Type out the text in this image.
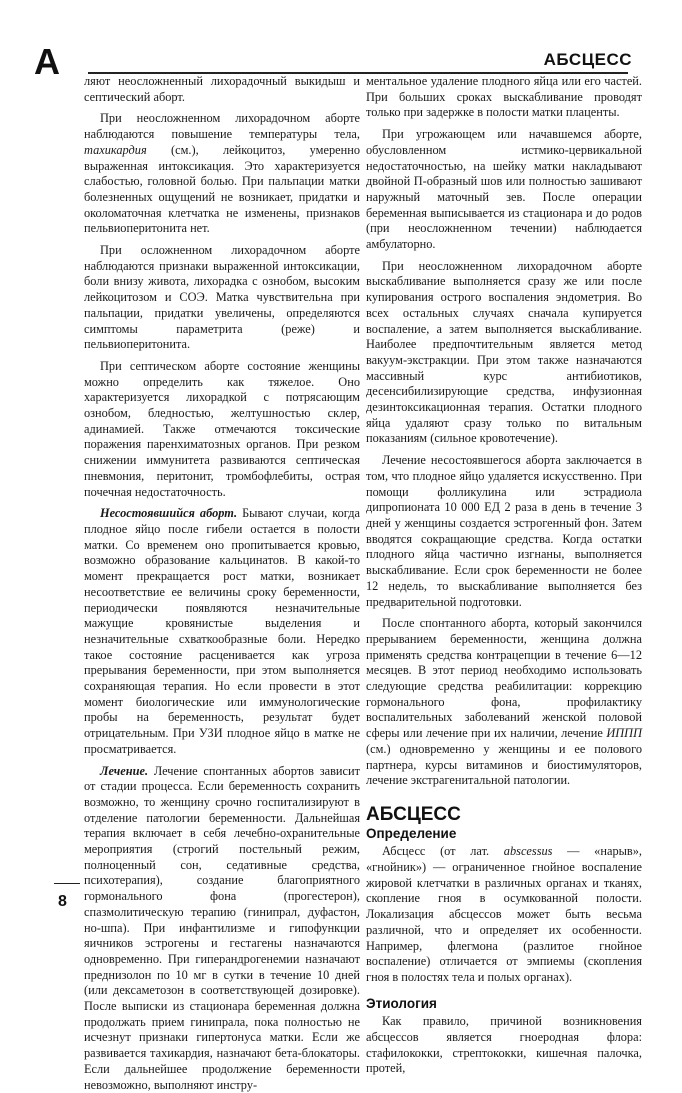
А	АБСЦЕСС

ляют неосложненный лихорадочный выкидыш и септический аборт.

При неосложненном лихорадочном аборте наблюдаются повышение температуры тела, тахикардия (см.), лейкоцитоз, умеренно выраженная интоксикация. Это характеризуется слабостью, головной болью. При пальпации матки болезненных ощущений не возникает, придатки и околоматочная клетчатка не изменены, признаков пельвиоперитонита нет.

При осложненном лихорадочном аборте наблюдаются признаки выраженной интоксикации, боли внизу живота, лихорадка с ознобом, высоким лейкоцитозом и СОЭ. Матка чувствительна при пальпации, придатки увеличены, определяются симптомы параметрита (реже) и пельвиоперитонита.

При септическом аборте состояние женщины можно определить как тяжелое. Оно характеризуется лихорадкой с потрясающим ознобом, бледностью, желтушностью склер, адинамией. Также отмечаются токсические поражения паренхиматозных органов. При резком снижении иммунитета развиваются септическая пневмония, перитонит, тромбофлебиты, острая почечная недостаточность.

Несостоявшийся аборт. Бывают случаи, когда плодное яйцо после гибели остается в полости матки. Со временем оно пропитывается кровью, возможно образование кальцинатов. В какой-то момент прекращается рост матки, возникает несоответствие ее величины сроку беременности, периодически появляются незначительные мажущие кровянистые выделения и незначительные схваткообразные боли. Нередко такое состояние расценивается как угроза прерывания беременности, при этом выполняется сохраняющая терапия. Но если провести в этот момент биологические или иммунологические пробы на беременность, результат будет отрицательным. При УЗИ плодное яйцо в матке не просматривается.

Лечение. Лечение спонтанных абортов зависит от стадии процесса. Если беременность сохранить возможно, то женщину срочно госпитализируют в отделение патологии беременности. Дальнейшая терапия включает в себя лечебно-охранительные мероприятия (строгий постельный режим, полноценный сон, седативные средства, психотерапия), создание благоприятного гормонального фона (прогестерон), спазмолитическую терапию (гинипрал, дуфастон, но-шпа). При инфантилизме и гипофункции яичников эстрогены и гестагены назначаются одновременно. При гиперандрогенемии назначают преднизолон по 10 мг в сутки в течение 10 дней (или дексаметозон в соответствующей дозировке). После выписки из стационара беременная должна продолжать прием гинипрала, пока полностью не исчезнут признаки гипертонуса матки. Если же развивается тахикардия, назначают бета-блокаторы. Если дальнейшее продолжение беременности невозможно, выполняют инстру-

ментальное удаление плодного яйца или его частей. При больших сроках выскабливание проводят только при задержке в полости матки плаценты.

При угрожающем или начавшемся аборте, обусловленном истмико-цервикальной недостаточностью, на шейку матки накладывают двойной П-образный шов или полностью зашивают наружный маточный зев. После операции беременная выписывается из стационара и до родов (при неосложненном течении) наблюдается амбулаторно.

При неосложненном лихорадочном аборте выскабливание выполняется сразу же или после купирования острого воспаления эндометрия. Во всех остальных случаях сначала купируется воспаление, а затем выполняется выскабливание. Наиболее предпочтительным является метод вакуум-экстракции. При этом также назначаются массивный курс антибиотиков, десенсибилизирующие средства, инфузионная дезинтоксикационная терапия. Остатки плодного яйца удаляют сразу только по витальным показаниям (сильное кровотечение).

Лечение несостоявшегося аборта заключается в том, что плодное яйцо удаляется искусственно. При помощи фолликулина или эстрадиола дипропионата 10 000 ЕД 2 раза в день в течение 3 дней у женщины создается эстрогенный фон. Затем вводятся сокращающие средства. Когда остатки плодного яйца частично изгнаны, выполняется выскабливание. Если срок беременности не более 12 недель, то выскабливание выполняется без предварительной подготовки.

После спонтанного аборта, который закончился прерыванием беременности, женщина должна применять средства контрацепции в течение 6—12 месяцев. В этот период необходимо использовать следующие средства реабилитации: коррекцию гормонального фона, профилактику воспалительных заболеваний женской половой сферы или лечение при их наличии, лечение ИППП (см.) одновременно у женщины и ее полового партнера, курсы витаминов и биостимуляторов, лечение экстрагенитальной патологии.

АБСЦЕСС
Определение

Абсцесс (от лат. abscessus — «нарыв», «гнойник») — ограниченное гнойное воспаление жировой клетчатки в различных органах и тканях, скопление гноя в осумкованной полости. Локализация абсцессов может быть весьма различной, что и определяет их особенности. Например, флегмона (разлитое гнойное воспаление) отличается от эмпиемы (скопления гноя в полостях тела и полых органах).

Этиология

Как правило, причиной возникновения абсцессов является гноеродная флора: стафилококки, стрептококки, кишечная палочка, протей,

8
